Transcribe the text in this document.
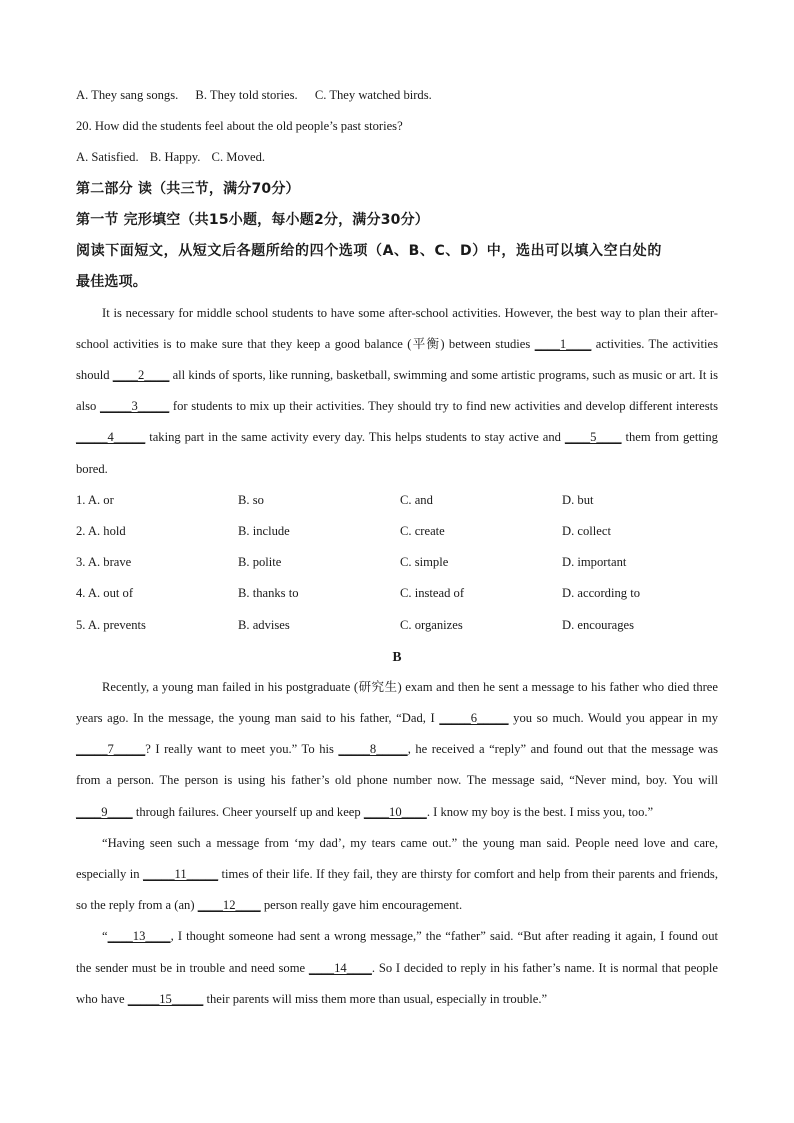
A. They sang songs. B. They told stories. C. They watched birds.
20. How did the students feel about the old people’s past stories?
A. Satisfied. B. Happy. C. Moved.
第二部分 读（共三节，满分70分）
第一节 完形填空（共15小题，每小题2分，满分30分）
阅读下面短文，从短文后各题所给的四个选项（A、B、C、D）中，选出可以填入空白处的
最佳选项。

It is necessary for middle school students to have some after-school activities. However, the best way to plan their after-school activities is to make sure that they keep a good balance (平衡) between studies ____1____ activities. The activities should ____2____ all kinds of sports, like running, basketball, swimming and some artistic programs, such as music or art. It is also _____3_____ for students to mix up their activities. They should try to find new activities and develop different interests _____4_____ taking part in the same activity every day. This helps students to stay active and ____5____ them from getting bored.

1. A. or	B. so	C. and	D. but
2. A. hold	B. include	C. create	D. collect
3. A. brave	B. polite	C. simple	D. important
4. A. out of	B. thanks to	C. instead of	D. according to
5. A. prevents	B. advises	C. organizes	D. encourages
B

Recently, a young man failed in his postgraduate (研究生) exam and then he sent a message to his father who died three years ago. In the message, the young man said to his father, “Dad, I _____6_____ you so much. Would you appear in my _____7_____? I really want to meet you.” To his _____8_____, he received a “reply” and found out that the message was from a person. The person is using his father’s old phone number now. The message said, “Never mind, boy. You will ____9____ through failures. Cheer yourself up and keep ____10____. I know my boy is the best. I miss you, too.”

“Having seen such a message from ‘my dad’, my tears came out.” the young man said. People need love and care, especially in _____11_____ times of their life. If they fail, they are thirsty for comfort and help from their parents and friends, so the reply from a (an) ____12____ person really gave him encouragement.

“____13____, I thought someone had sent a wrong message,” the “father” said. “But after reading it again, I found out the sender must be in trouble and need some ____14____. So I decided to reply in his father’s name. It is normal that people who have _____15_____ their parents will miss them more than usual, especially in trouble.”
